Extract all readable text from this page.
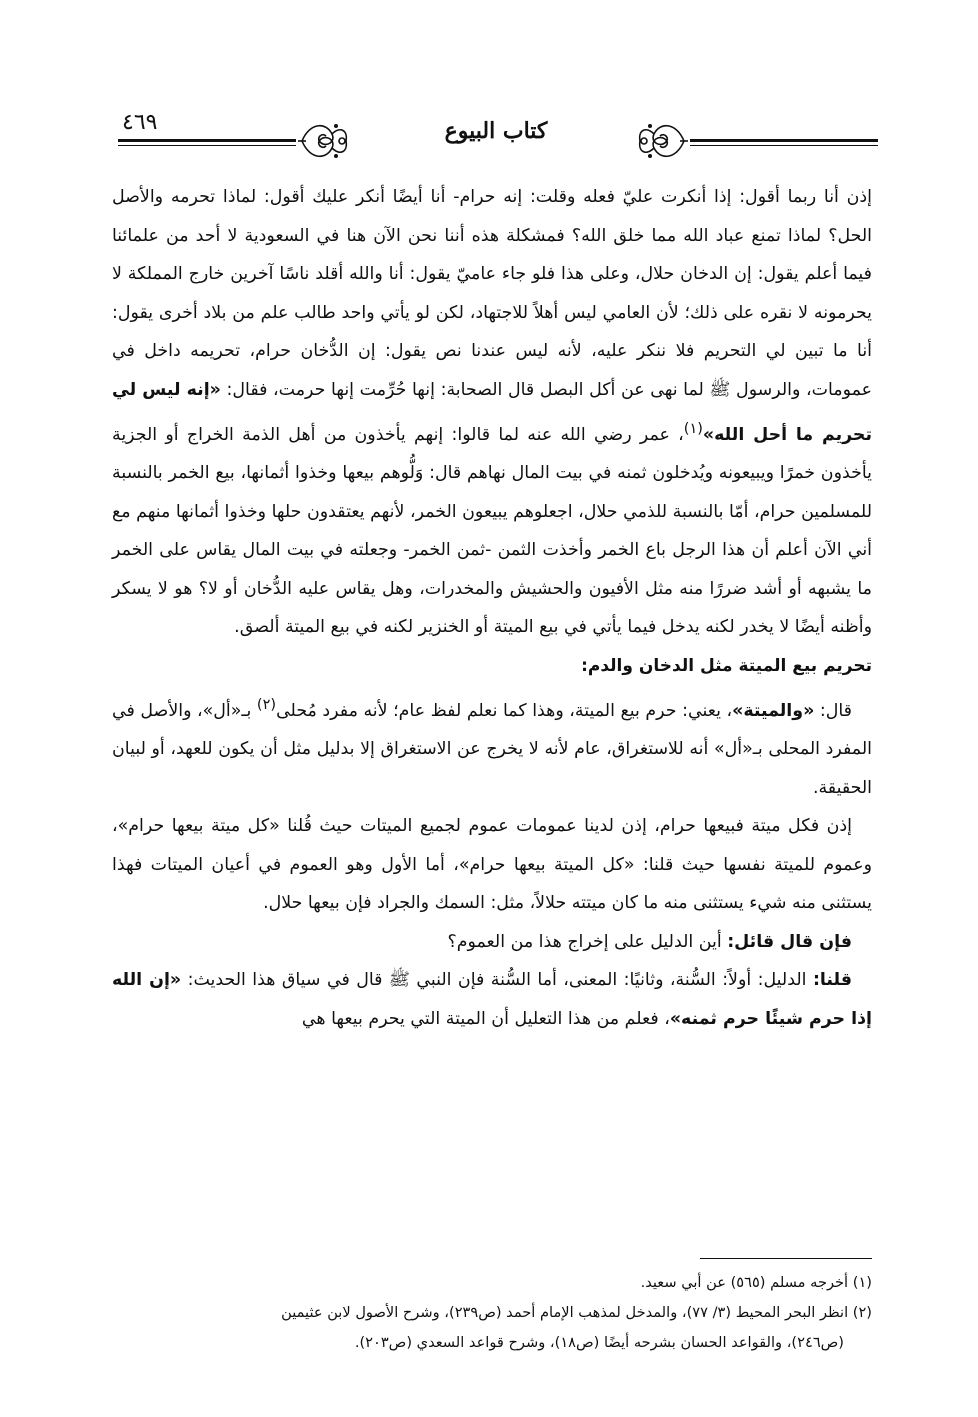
كتاب البيوع
٤٦٩

إذن أنا ربما أقول: إذا أنكرت عليّ فعله وقلت: إنه حرام- أنا أيضًا أنكر عليك أقول: لماذا تحرمه والأصل الحل؟ لماذا تمنع عباد الله مما خلق الله؟ فمشكلة هذه أننا نحن الآن هنا في السعودية لا أحد من علمائنا فيما أعلم يقول: إن الدخان حلال، وعلى هذا فلو جاء عاميّ يقول: أنا والله أقلد ناسًا آخرين خارج المملكة لا يحرمونه لا نقره على ذلك؛ لأن العامي ليس أهلاً للاجتهاد، لكن لو يأتي واحد طالب علم من بلاد أخرى يقول: أنا ما تبين لي التحريم فلا ننكر عليه، لأنه ليس عندنا نص يقول: إن الدُّخان حرام، تحريمه داخل في عمومات، والرسول ﷺ لما نهى عن أكل البصل قال الصحابة: إنها حُرِّمت إنها حرمت، فقال: «إنه ليس لي تحريم ما أحل الله»$^{(١)}$، عمر رضي الله عنه لما قالوا: إنهم يأخذون من أهل الذمة الخراج أو الجزية يأخذون خمرًا ويبيعونه ويُدخلون ثمنه في بيت المال نهاهم قال: وَلُّوهم بيعها وخذوا أثمانها، بيع الخمر بالنسبة للمسلمين حرام، أمّا بالنسبة للذمي حلال، اجعلوهم يبيعون الخمر، لأنهم يعتقدون حلها وخذوا أثمانها منهم مع أني الآن أعلم أن هذا الرجل باع الخمر وأخذت الثمن -ثمن الخمر- وجعلته في بيت المال يقاس على الخمر ما يشبهه أو أشد ضررًا منه مثل الأفيون والحشيش والمخدرات، وهل يقاس عليه الدُّخان أو لا؟ هو لا يسكر وأظنه أيضًا لا يخدر لكنه يدخل فيما يأتي في بيع الميتة أو الخنزير لكنه في بيع الميتة ألصق.

تحريم بيع الميتة مثل الدخان والدم:

قال: «والميتة»، يعني: حرم بيع الميتة، وهذا كما نعلم لفظ عام؛ لأنه مفرد مُحلى$^{(٢)}$ بـ«أل»، والأصل في المفرد المحلى بـ«أل» أنه للاستغراق، عام لأنه لا يخرج عن الاستغراق إلا بدليل مثل أن يكون للعهد، أو لبيان الحقيقة.

إذن فكل ميتة فبيعها حرام، إذن لدينا عمومات عموم لجميع الميتات حيث قُلنا «كل ميتة بيعها حرام»، وعموم للميتة نفسها حيث قلنا: «كل الميتة بيعها حرام»، أما الأول وهو العموم في أعيان الميتات فهذا يستثنى منه شيء يستثنى منه ما كان ميتته حلالاً، مثل: السمك والجراد فإن بيعها حلال.

فإن قال قائل: أين الدليل على إخراج هذا من العموم؟

قلنا: الدليل: أولاً: السُّنة، وثانيًا: المعنى، أما السُّنة فإن النبي ﷺ قال في سياق هذا الحديث: «إن الله إذا حرم شيئًا حرم ثمنه»، فعلم من هذا التعليل أن الميتة التي يحرم بيعها هي

(١) أخرجه مسلم (٥٦٥) عن أبي سعيد.

(٢) انظر البحر المحيط (٣/ ٧٧)، والمدخل لمذهب الإمام أحمد (ص٢٣٩)، وشرح الأصول لابن عثيمين

(ص٢٤٦)، والقواعد الحسان بشرحه أيضًا (ص١٨)، وشرح قواعد السعدي (ص٢٠٣).
